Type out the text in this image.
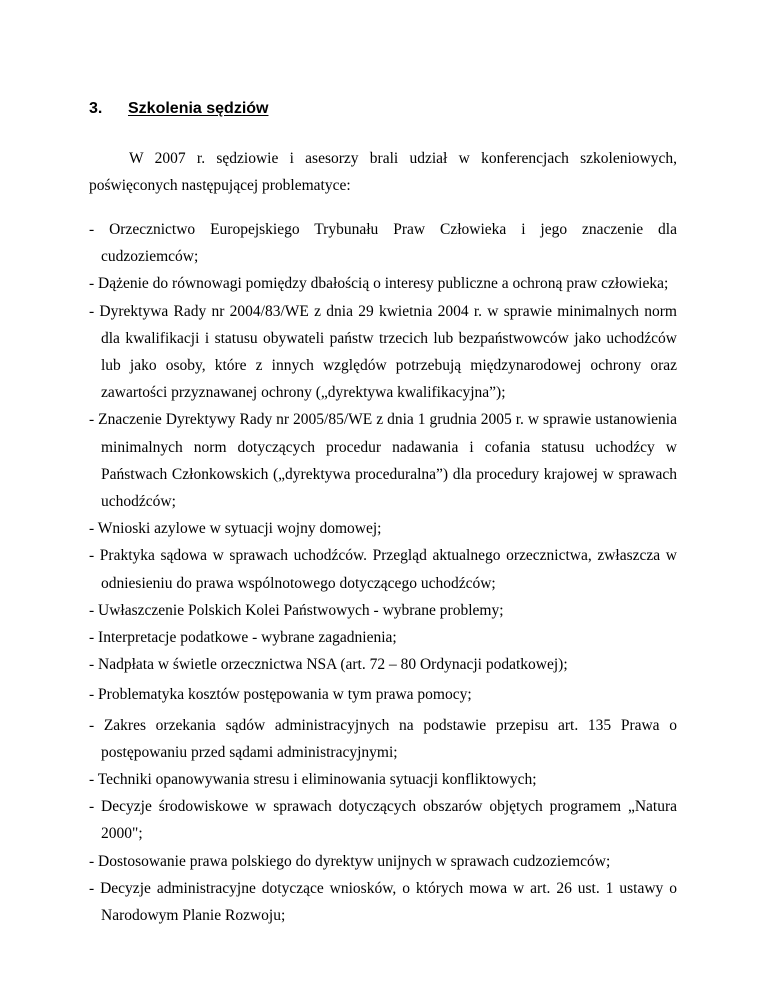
3. Szkolenia sędziów

W 2007 r. sędziowie i asesorzy brali udział w konferencjach szkoleniowych, poświęconych następującej problematyce:

- Orzecznictwo Europejskiego Trybunału Praw Człowieka i jego znaczenie dla cudzoziemców;
- Dążenie do równowagi pomiędzy dbałością o interesy publiczne a ochroną praw człowieka;
- Dyrektywa Rady nr 2004/83/WE z dnia 29 kwietnia 2004 r. w sprawie minimalnych norm dla kwalifikacji i statusu obywateli państw trzecich lub bezpaństwowców jako uchodźców lub jako osoby, które z innych względów potrzebują międzynarodowej ochrony oraz zawartości przyznawanej ochrony („dyrektywa kwalifikacyjna”);
- Znaczenie Dyrektywy Rady nr 2005/85/WE z dnia 1 grudnia 2005 r. w sprawie ustanowienia minimalnych norm dotyczących procedur nadawania i cofania statusu uchodźcy w Państwach Członkowskich („dyrektywa proceduralna”) dla procedury krajowej w sprawach uchodźców;
- Wnioski azylowe w sytuacji wojny domowej;
- Praktyka sądowa w sprawach uchodźców. Przegląd aktualnego orzecznictwa, zwłaszcza w odniesieniu do prawa wspólnotowego dotyczącego uchodźców;
- Uwłaszczenie Polskich Kolei Państwowych - wybrane problemy;
- Interpretacje podatkowe - wybrane zagadnienia;
- Nadpłata w świetle orzecznictwa NSA (art. 72 – 80 Ordynacji podatkowej);
- Problematyka kosztów postępowania w tym prawa pomocy;
- Zakres orzekania sądów administracyjnych na podstawie przepisu art. 135 Prawa o postępowaniu przed sądami administracyjnymi;
- Techniki opanowywania stresu i eliminowania sytuacji konfliktowych;
- Decyzje środowiskowe w sprawach dotyczących obszarów objętych programem „Natura 2000";
- Dostosowanie prawa polskiego do dyrektyw unijnych w sprawach cudzoziemców;
- Decyzje administracyjne dotyczące wniosków, o których mowa w art. 26 ust. 1 ustawy o Narodowym Planie Rozwoju;
